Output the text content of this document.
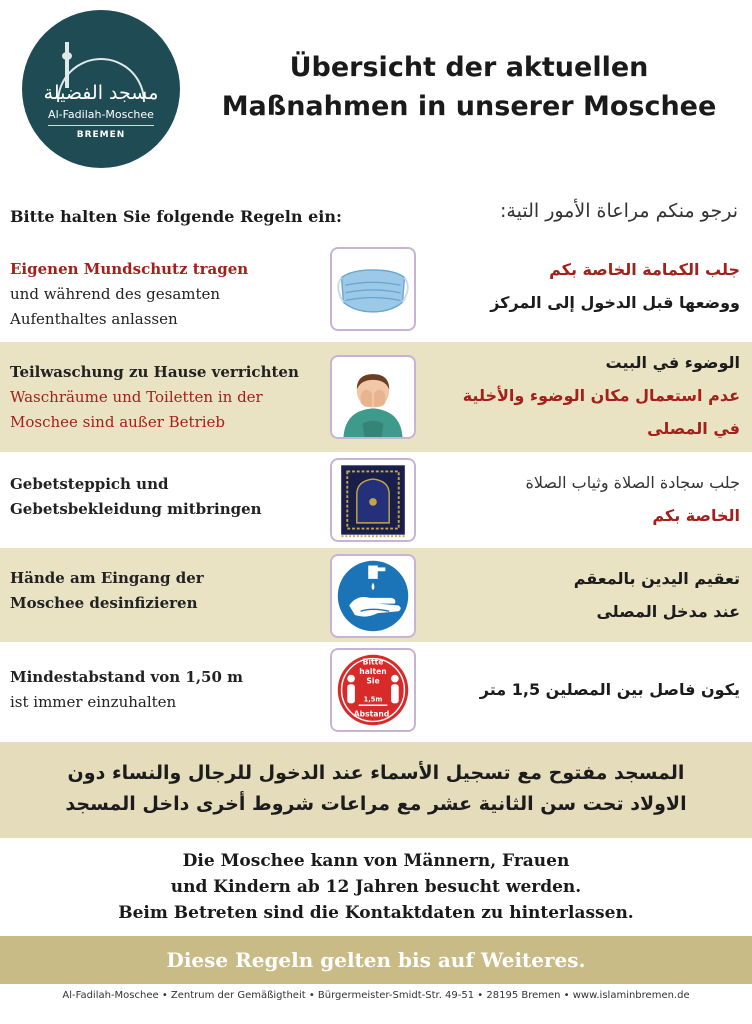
مسجد الفضيلة
Al-Fadilah-Moschee
BREMEN
Übersicht der aktuellen
Maßnahmen in unserer Moschee
Bitte halten Sie folgende Regeln ein:	نرجو منكم مراعاة الأمور التية:
Eigenen Mundschutz tragen
und während des gesamten
Aufenthaltes anlassen
جلب الكمامة الخاصة بكم
ووضعها قبل الدخول إلى المركز
Teilwaschung zu Hause verrichten
Waschräume und Toiletten in der
Moschee sind außer Betrieb
الوضوء في البيت
عدم استعمال مكان الوضوء والأخلية
في المصلى
Gebetsteppich und
Gebetsbekleidung mitbringen
جلب سجادة الصلاة وثياب الصلاة
الخاصة بكم
Hände am Eingang der
Moschee desinfizieren
تعقيم اليدين بالمعقم
عند مدخل المصلى
Mindestabstand von 1,50 m
ist immer einzuhalten
Bitte
halten
Sie
1,5m
Abstand.
يكون فاصل بين المصلين 1,5 متر
المسجد مفتوح مع تسجيل الأسماء عند الدخول للرجال والنساء دون
الاولاد تحت سن الثانية عشر مع مراعات شروط أخرى داخل المسجد
Die Moschee kann von Männern, Frauen
und Kindern ab 12 Jahren besucht werden.
Beim Betreten sind die Kontaktdaten zu hinterlassen.
Diese Regeln gelten bis auf Weiteres.
Al-Fadilah-Moschee • Zentrum der Gemäßigtheit • Bürgermeister-Smidt-Str. 49-51 • 28195 Bremen • www.islaminbremen.de
